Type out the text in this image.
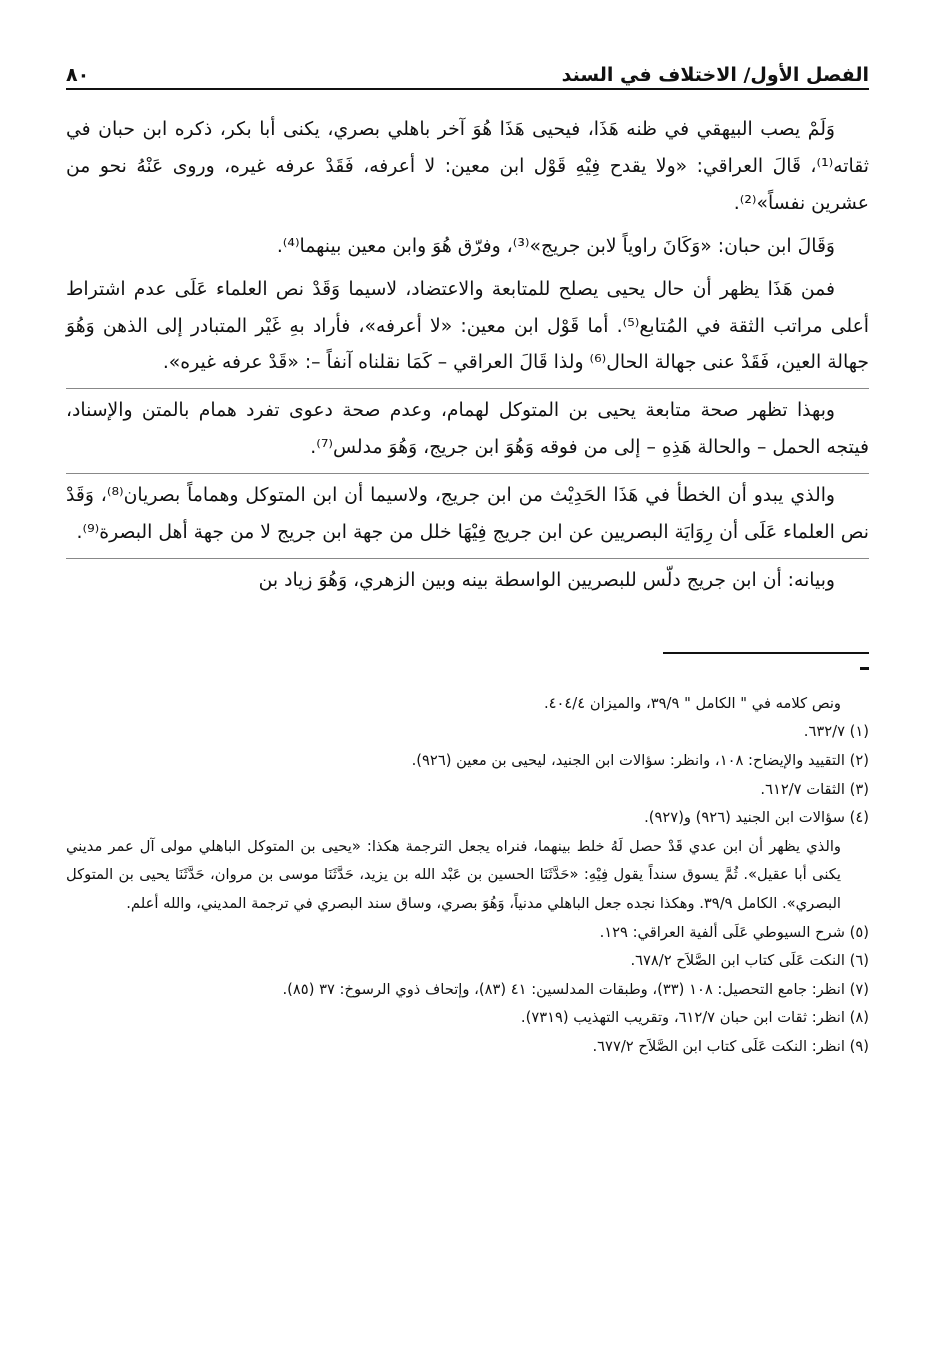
الفصل الأول/ الاختلاف في السند
٨٠

وَلَمْ يصب البيهقي في ظنه هَذَا، فيحيى هَذَا هُوَ آخر باهلي بصري، يكنى أبا بكر، ذكره ابن حبان في ثقاته⁽¹⁾، قَالَ العراقي: «ولا يقدح فِيْهِ قَوْل ابن معين: لا أعرفه، فَقَدْ عرفه غيره، وروى عَنْهُ نحو من عشرين نفساً»⁽²⁾.

وَقَالَ ابن حبان: «وَكَانَ راوياً لابن جريج»⁽³⁾، وفرّق هُوَ وابن معين بينهما⁽⁴⁾.

فمن هَذَا يظهر أن حال يحيى يصلح للمتابعة والاعتضاد، لاسيما وَقَدْ نص العلماء عَلَى عدم اشتراط أعلى مراتب الثقة في المُتابع⁽⁵⁾. أما قَوْل ابن معين: «لا أعرفه»، فأراد بهِ غَيْر المتبادر إلى الذهن وَهُوَ جهالة العين، فَقَدْ عنى جهالة الحال⁽⁶⁾ ولذا قَالَ العراقي – كَمَا نقلناه آنفاً –: «قَدْ عرفه غيره».

وبهذا تظهر صحة متابعة يحيى بن المتوكل لهمام، وعدم صحة دعوى تفرد همام بالمتن والإسناد، فيتجه الحمل – والحالة هَذِهِ – إلى من فوقه وَهُوَ ابن جريج، وَهُوَ مدلس⁽⁷⁾.

والذي يبدو أن الخطأ في هَذَا الحَدِيْث من ابن جريج، ولاسيما أن ابن المتوكل وهماماً بصريان⁽⁸⁾، وَقَدْ نص العلماء عَلَى أن رِوَايَة البصريين عن ابن جريج فِيْهَا خلل من جهة ابن جريج لا من جهة أهل البصرة⁽⁹⁾.

وبيانه: أن ابن جريج دلّس للبصريين الواسطة بينه وبين الزهري، وَهُوَ زياد بن

ونص كلامه في " الكامل " ٣٩/٩، والميزان ٤٠٤/٤.

(١) ٦٣٢/٧.

(٢) التقييد والإيضاح: ١٠٨، وانظر: سؤالات ابن الجنيد، ليحيى بن معين (٩٢٦).

(٣) الثقات ٦١٢/٧.

(٤) سؤالات ابن الجنيد (٩٢٦) و(٩٢٧).

والذي يظهر أن ابن عدي قَدْ حصل لَهُ خلط بينهما، فنراه يجعل الترجمة هكذا: «يحيى بن المتوكل الباهلي مولى آل عمر مديني يكنى أبا عقيل». ثُمَّ يسوق سنداً يقول فِيْهِ: «حَدَّثَنَا الحسين بن عَبْد الله بن يزيد، حَدَّثَنَا موسى بن مروان، حَدَّثَنَا يحيى بن المتوكل البصري». الكامل ٣٩/٩. وهكذا نجده جعل الباهلي مدنياً، وَهُوَ بصري، وساق سند البصري في ترجمة المديني، والله أعلم.

(٥) شرح السيوطي عَلَى ألفية العراقي: ١٢٩.

(٦) النكت عَلَى كتاب ابن الصَّلاَح ٦٧٨/٢.

(٧) انظر: جامع التحصيل: ١٠٨ (٣٣)، وطبقات المدلسين: ٤١ (٨٣)، وإتحاف ذوي الرسوخ: ٣٧ (٨٥).

(٨) انظر: ثقات ابن حبان ٦١٢/٧، وتقريب التهذيب (٧٣١٩).

(٩) انظر: النكت عَلَى كتاب ابن الصَّلاَح ٦٧٧/٢.
